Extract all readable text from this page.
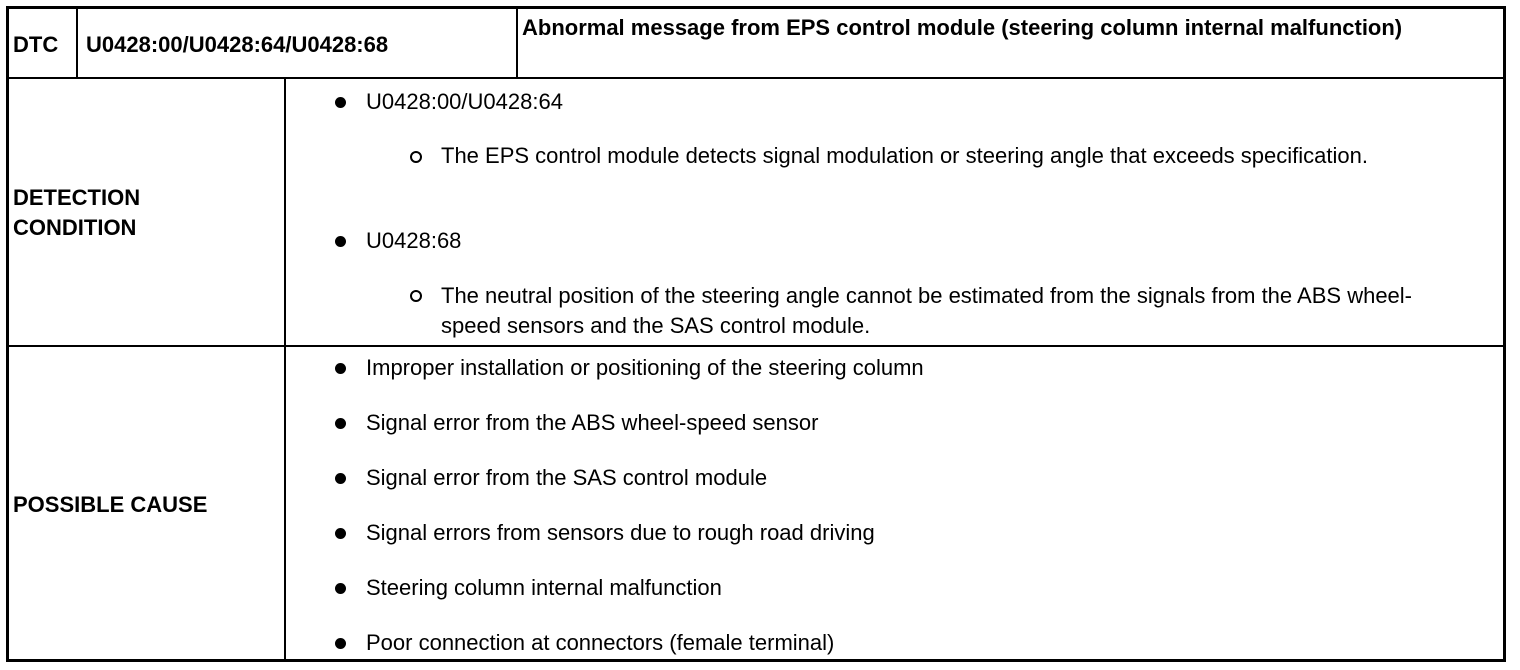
DTC U0428:00/U0428:64/U0428:68
Abnormal message from EPS control module (steering column internal malfunction)
DETECTION
CONDITION
U0428:00/U0428:64
The EPS control module detects signal modulation or steering angle that exceeds specification.
U0428:68
The neutral position of the steering angle cannot be estimated from the signals from the ABS wheel-speed sensors and the SAS control module.
POSSIBLE CAUSE
Improper installation or positioning of the steering column
Signal error from the ABS wheel-speed sensor
Signal error from the SAS control module
Signal errors from sensors due to rough road driving
Steering column internal malfunction
Poor connection at connectors (female terminal)
